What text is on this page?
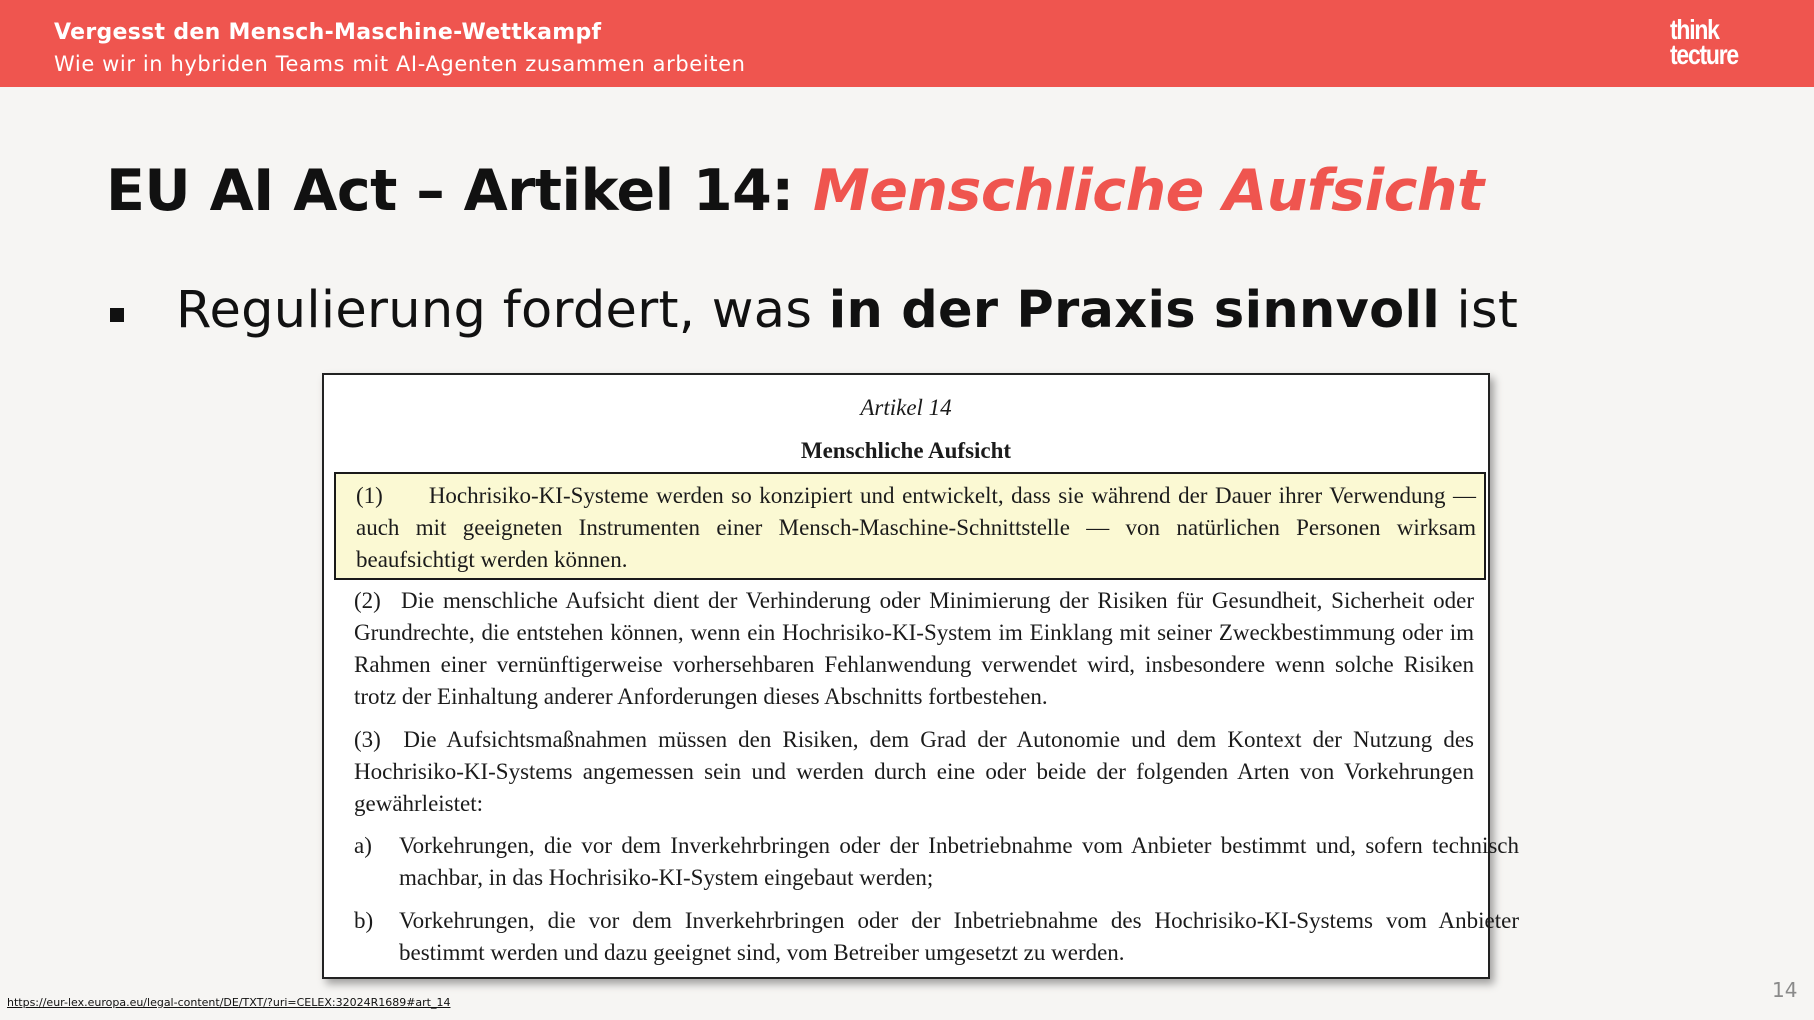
Vergesst den Mensch-Maschine-Wettkampf
Wie wir in hybriden Teams mit AI-Agenten zusammen arbeiten
think
tecture
EU AI Act – Artikel 14: Menschliche Aufsicht
Regulierung fordert, was in der Praxis sinnvoll ist
Artikel 14
Menschliche Aufsicht
(1)  Hochrisiko-KI-Systeme werden so konzipiert und entwickelt, dass sie während der Dauer ihrer Verwendung — auch mit geeigneten Instrumenten einer Mensch-Maschine-Schnittstelle — von natürlichen Personen wirksam beaufsichtigt werden können.
(2)  Die menschliche Aufsicht dient der Verhinderung oder Minimierung der Risiken für Gesundheit, Sicherheit oder Grundrechte, die entstehen können, wenn ein Hochrisiko-KI-System im Einklang mit seiner Zweckbestimmung oder im Rahmen einer vernünftigerweise vorhersehbaren Fehlanwendung verwendet wird, insbesondere wenn solche Risiken trotz der Einhaltung anderer Anforderungen dieses Abschnitts fortbestehen.
(3)  Die Aufsichtsmaßnahmen müssen den Risiken, dem Grad der Autonomie und dem Kontext der Nutzung des Hochrisiko-KI-Systems angemessen sein und werden durch eine oder beide der folgenden Arten von Vorkehrungen gewährleistet:
a) Vorkehrungen, die vor dem Inverkehrbringen oder der Inbetriebnahme vom Anbieter bestimmt und, sofern technisch machbar, in das Hochrisiko-KI-System eingebaut werden;
b) Vorkehrungen, die vor dem Inverkehrbringen oder der Inbetriebnahme des Hochrisiko-KI-Systems vom Anbieter bestimmt werden und dazu geeignet sind, vom Betreiber umgesetzt zu werden.
https://eur-lex.europa.eu/legal-content/DE/TXT/?uri=CELEX:32024R1689#art_14
14
